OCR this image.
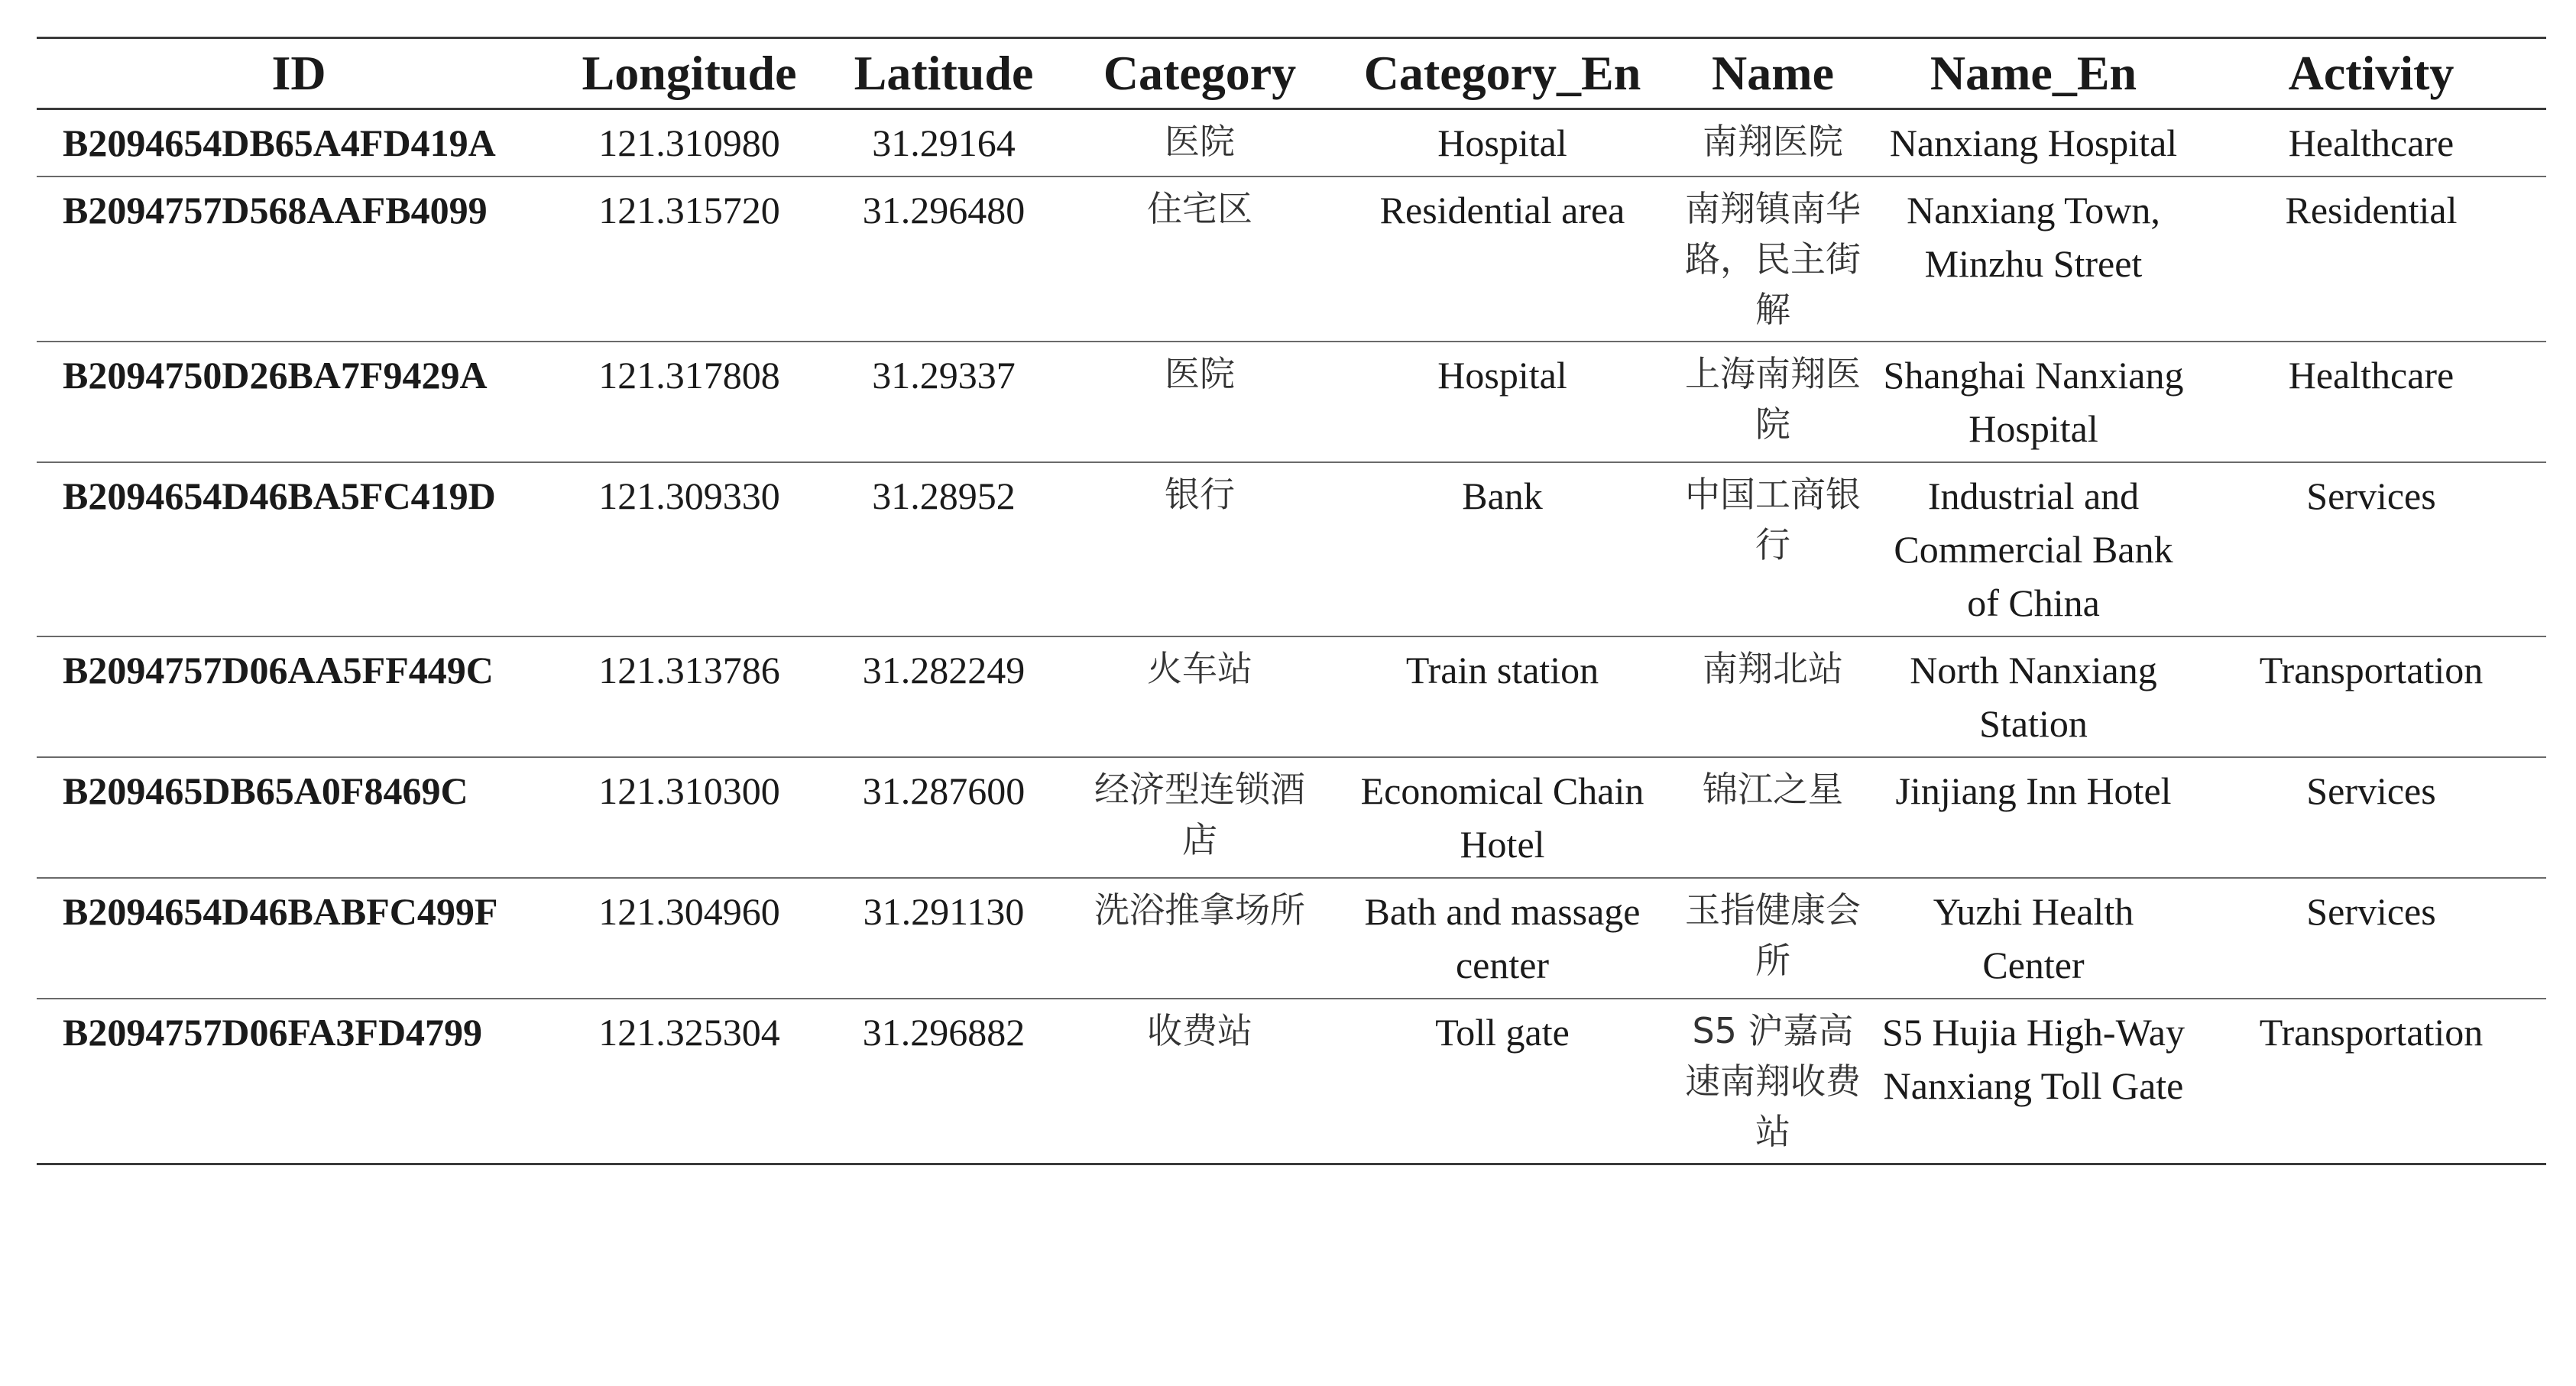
ID	Longitude	Latitude	Category	Category_En	Name	Name_En	Activity
B2094654DB65A4FD419A	121.310980	31.29164	医院	Hospital	南翔医院	Nanxiang Hospital	Healthcare
B2094757D568AAFB4099	121.315720	31.296480	住宅区	Residential area	南翔镇南华路，民主街解	Nanxiang Town, Minzhu Street	Residential
B2094750D26BA7F9429A	121.317808	31.29337	医院	Hospital	上海南翔医院	Shanghai Nanxiang Hospital	Healthcare
B2094654D46BA5FC419D	121.309330	31.28952	银行	Bank	中国工商银行	Industrial and Commercial Bank of China	Services
B2094757D06AA5FF449C	121.313786	31.282249	火车站	Train station	南翔北站	North Nanxiang Station	Transportation
B209465DB65A0F8469C	121.310300	31.287600	经济型连锁酒店	Economical Chain Hotel	锦江之星	Jinjiang Inn Hotel	Services
B2094654D46BABFC499F	121.304960	31.291130	洗浴推拿场所	Bath and massage center	玉指健康会所	Yuzhi Health Center	Services
B2094757D06FA3FD4799	121.325304	31.296882	收费站	Toll gate	S5 沪嘉高速南翔收费站	S5 Hujia High-Way Nanxiang Toll Gate	Transportation
